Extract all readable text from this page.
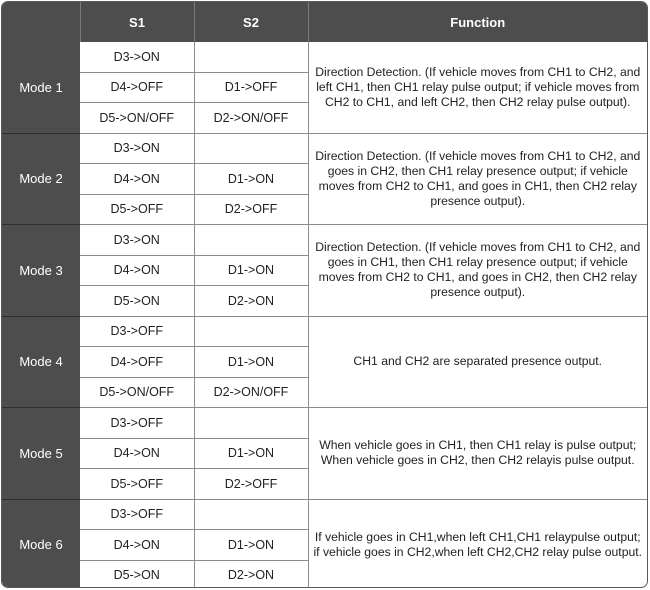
	S1	S2	Function
Mode 1	D3->ON		Direction Detection. (If vehicle moves from CH1 to CH2, and left CH1, then CH1 relay pulse output; if vehicle moves from CH2 to CH1, and left CH2, then CH2 relay pulse output).
	D4->OFF	D1->OFF	
	D5->ON/OFF	D2->ON/OFF	
Mode 2	D3->ON		Direction Detection. (If vehicle moves from CH1 to CH2, and goes in CH2, then CH1 relay presence output; if vehicle moves from CH2 to CH1, and goes in CH1, then CH2 relay presence output).
	D4->ON	D1->ON	
	D5->OFF	D2->OFF	
Mode 3	D3->ON		Direction Detection. (If vehicle moves from CH1 to CH2, and goes in CH1, then CH1 relay presence output; if vehicle moves from CH2 to CH1, and goes in CH2, then CH2 relay presence output).
	D4->ON	D1->ON	
	D5->ON	D2->ON	
Mode 4	D3->OFF		CH1 and CH2 are separated presence output.
	D4->OFF	D1->ON	
	D5->ON/OFF	D2->ON/OFF	
Mode 5	D3->OFF		When vehicle goes in CH1, then CH1 relay is pulse output; When vehicle goes in CH2, then CH2 relayis pulse output.
	D4->ON	D1->ON	
	D5->OFF	D2->OFF	
Mode 6	D3->OFF		If vehicle goes in CH1,when left CH1,CH1 relaypulse output; if vehicle goes in CH2,when left CH2,CH2 relay pulse output.
	D4->ON	D1->ON	
	D5->ON	D2->ON	
